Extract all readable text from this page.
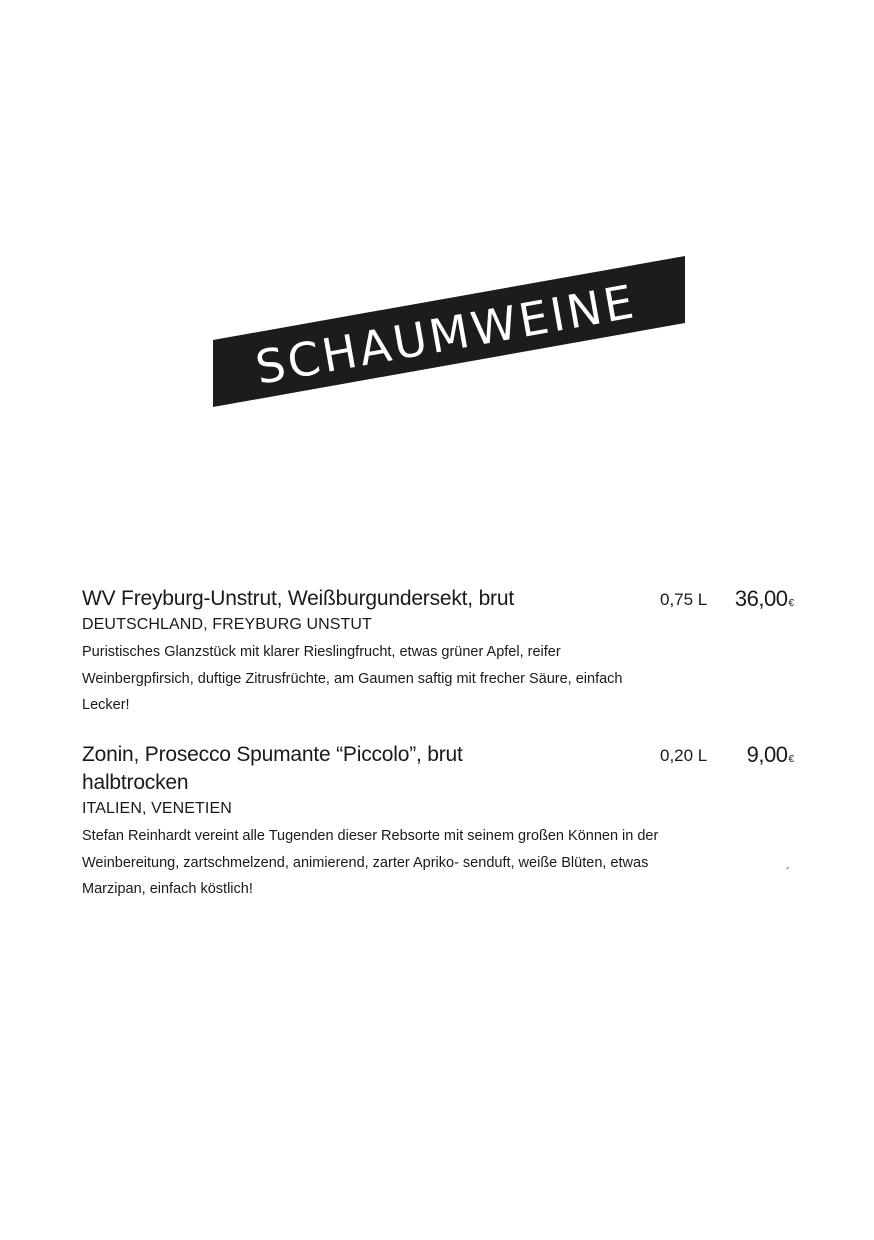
SCHAUMWEINE
WV Freyburg-Unstrut, Weißburgundersekt, brut
DEUTSCHLAND, FREYBURG UNSTUT

Puristisches Glanzstück mit klarer Rieslingfrucht, etwas grüner Apfel, reifer Weinbergpfirsich, duftige Zitrusfrüchte, am Gaumen saftig mit frecher Säure, einfach Lecker!

0,75 L 36,00€
Zonin, Prosecco Spumante “Piccolo”, brut halbtrocken
ITALIEN, VENETIEN

Stefan Reinhardt vereint alle Tugenden dieser Rebsorte mit seinem großen Können in der Weinbereitung, zartschmelzend, animierend, zarter Apriko- senduft, weiße Blüten, etwas Marzipan, einfach köstlich!

0,20 L 9,00€
´
